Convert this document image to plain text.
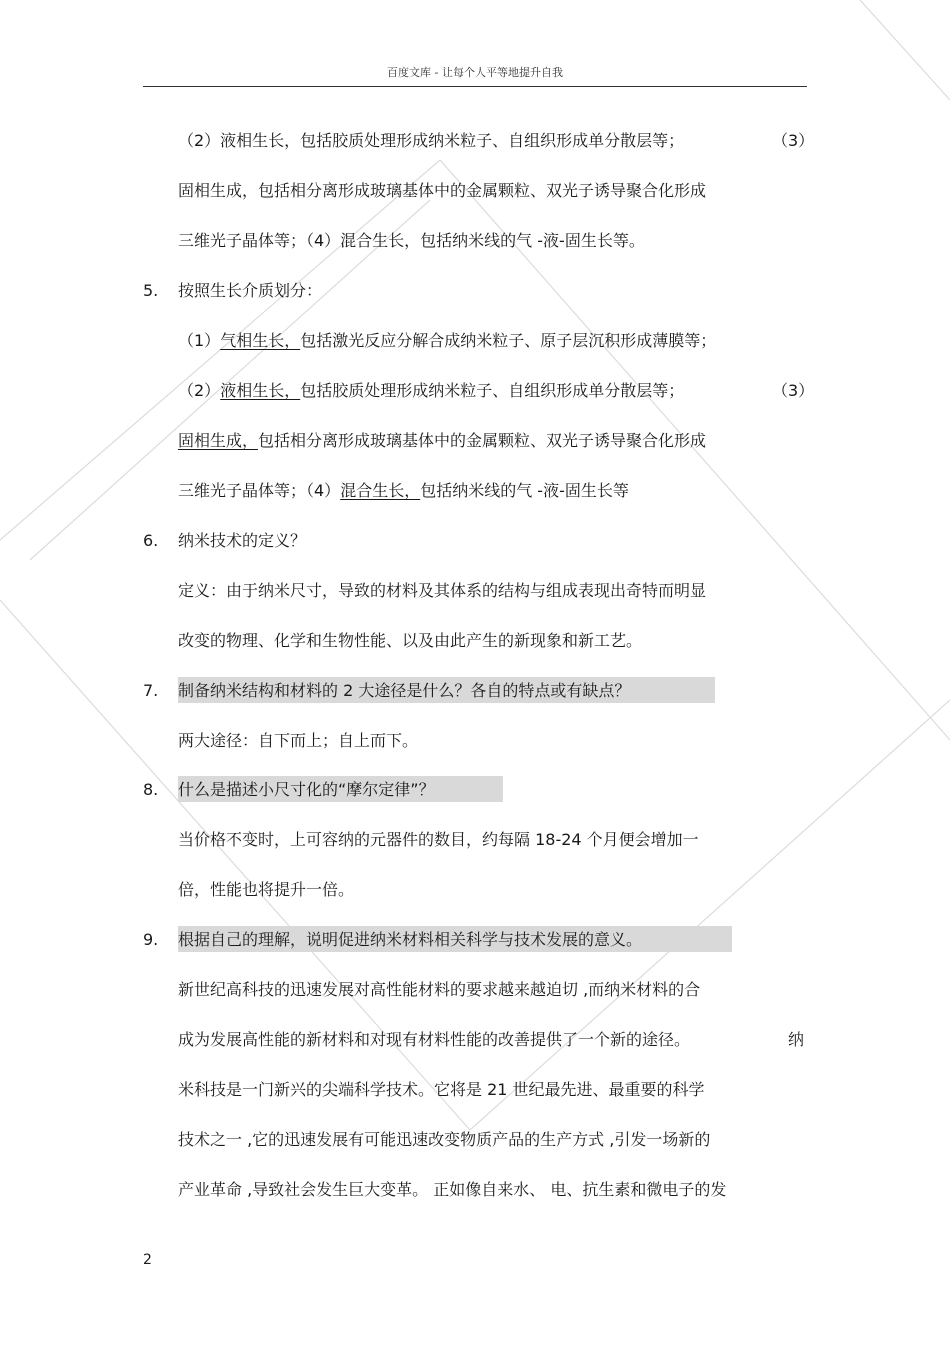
百度文库 - 让每个人平等地提升自我
（2）液相生长，包括胶质处理形成纳米粒子、自组织形成单分散层等；	（3）
固相生成，包括相分离形成玻璃基体中的金属颗粒、双光子诱导聚合化形成
三维光子晶体等；（4）混合生长，包括纳米线的气 -液-固生长等。
5. 按照生长介质划分：
（1）气相生长，包括激光反应分解合成纳米粒子、原子层沉积形成薄膜等；
（2）液相生长，包括胶质处理形成纳米粒子、自组织形成单分散层等；	（3）
固相生成，包括相分离形成玻璃基体中的金属颗粒、双光子诱导聚合化形成
三维光子晶体等；（4）混合生长，包括纳米线的气 -液-固生长等
6. 纳米技术的定义？
定义：由于纳米尺寸，导致的材料及其体系的结构与组成表现出奇特而明显
改变的物理、化学和生物性能、以及由此产生的新现象和新工艺。
7. 制备纳米结构和材料的 2 大途径是什么？各自的特点或有缺点？
两大途径：自下而上；自上而下。
8. 什么是描述小尺寸化的“摩尔定律”？
当价格不变时，上可容纳的元器件的数目，约每隔 18-24 个月便会增加一
倍，性能也将提升一倍。
9. 根据自己的理解，说明促进纳米材料相关科学与技术发展的意义。
新世纪高科技的迅速发展对高性能材料的要求越来越迫切 ,而纳米材料的合
成为发展高性能的新材料和对现有材料性能的改善提供了一个新的途径。	纳
米科技是一门新兴的尖端科学技术。它将是 21 世纪最先进、最重要的科学
技术之一 ,它的迅速发展有可能迅速改变物质产品的生产方式 ,引发一场新的
产业革命 ,导致社会发生巨大变革。 正如像自来水、 电、抗生素和微电子的发
2
